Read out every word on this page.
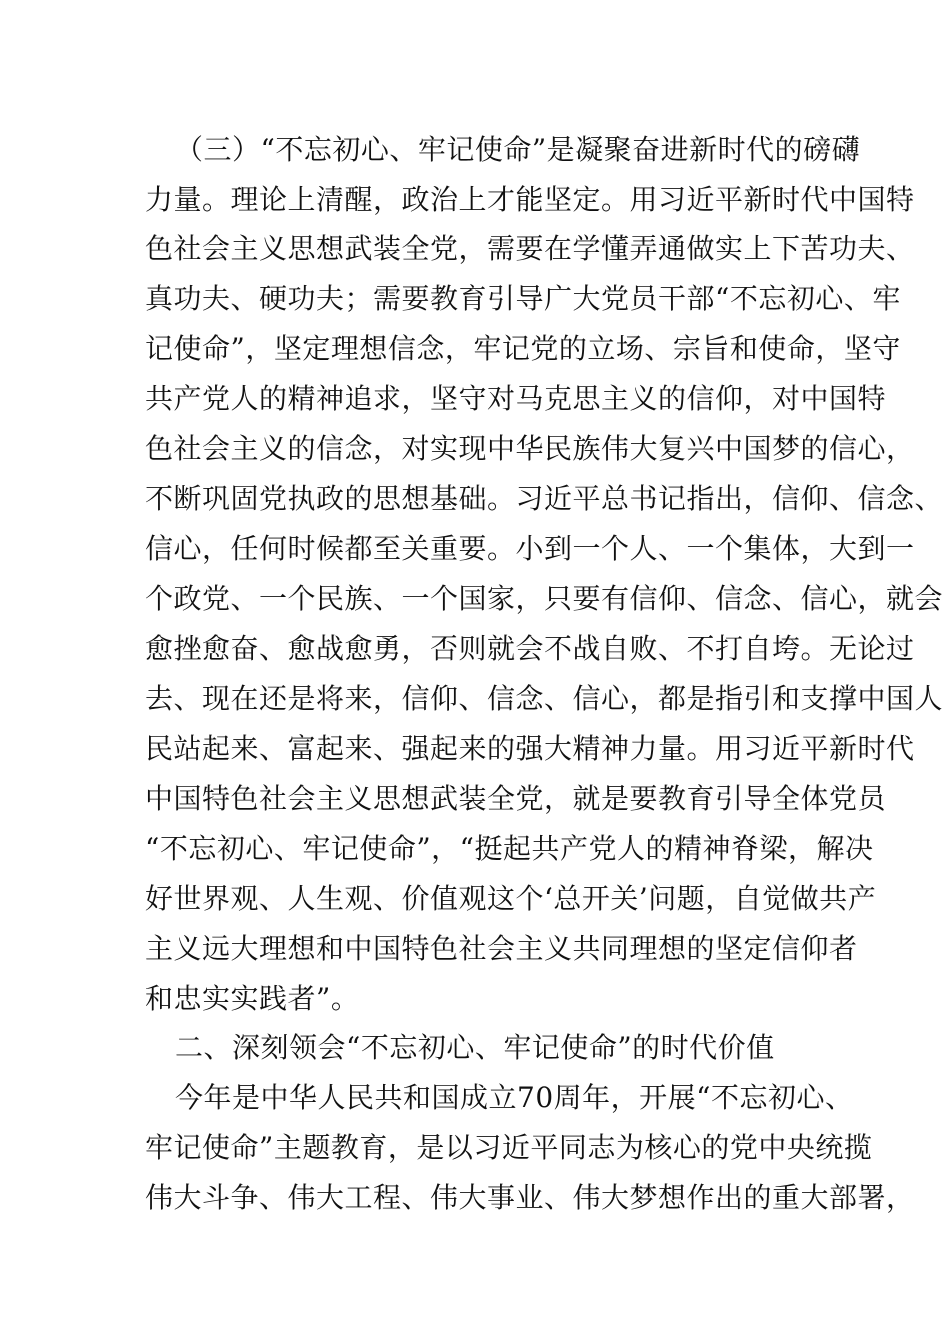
（三）“不忘初心、牢记使命”是凝聚奋进新时代的磅礴

力量。理论上清醒，政治上才能坚定。用习近平新时代中国特

色社会主义思想武装全党，需要在学懂弄通做实上下苦功夫、

真功夫、硬功夫；需要教育引导广大党员干部“不忘初心、牢

记使命”，坚定理想信念，牢记党的立场、宗旨和使命，坚守

共产党人的精神追求，坚守对马克思主义的信仰，对中国特

色社会主义的信念，对实现中华民族伟大复兴中国梦的信心，

不断巩固党执政的思想基础。习近平总书记指出，信仰、信念、

信心，任何时候都至关重要。小到一个人、一个集体，大到一

个政党、一个民族、一个国家，只要有信仰、信念、信心，就会

愈挫愈奋、愈战愈勇，否则就会不战自败、不打自垮。无论过

去、现在还是将来，信仰、信念、信心，都是指引和支撑中国人

民站起来、富起来、强起来的强大精神力量。用习近平新时代

中国特色社会主义思想武装全党，就是要教育引导全体党员

“不忘初心、牢记使命”，“挺起共产党人的精神脊梁，解决

好世界观、人生观、价值观这个‘总开关’问题，自觉做共产

主义远大理想和中国特色社会主义共同理想的坚定信仰者

和忠实实践者”。

二、深刻领会“不忘初心、牢记使命”的时代价值

今年是中华人民共和国成立70周年，开展“不忘初心、

牢记使命”主题教育，是以习近平同志为核心的党中央统揽

伟大斗争、伟大工程、伟大事业、伟大梦想作出的重大部署，
